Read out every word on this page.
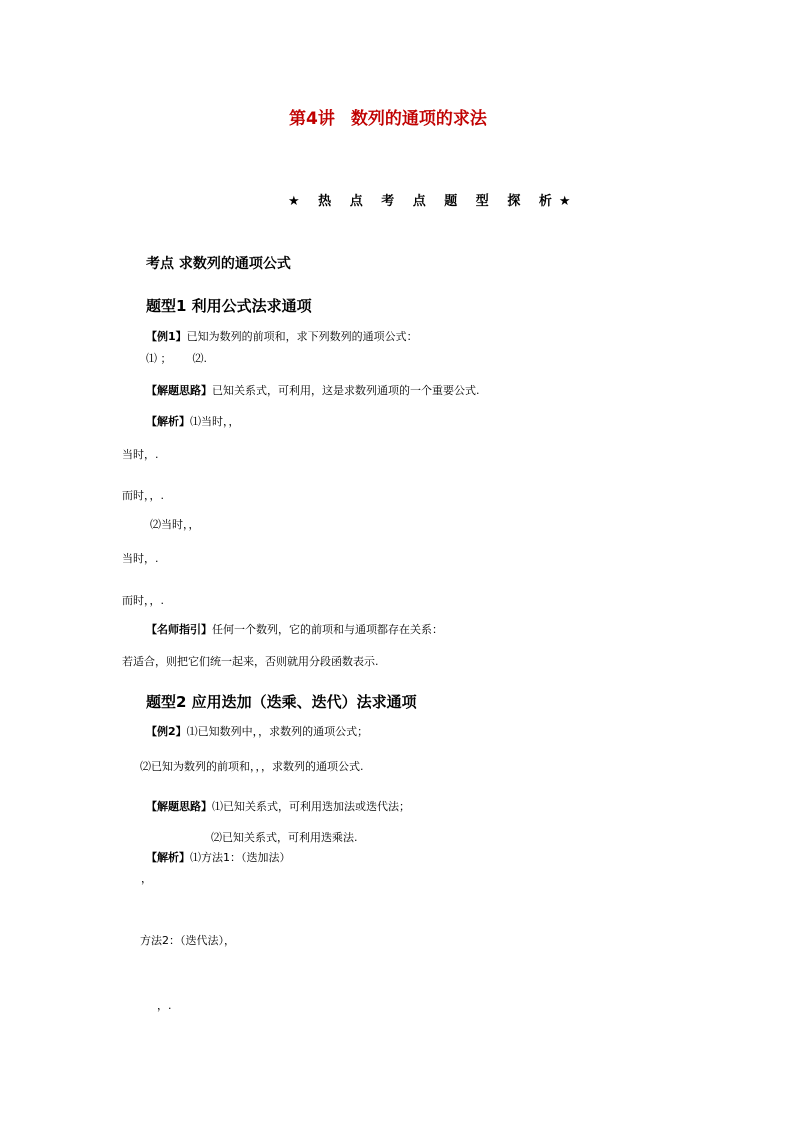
第4讲 数列的通项的求法
★ 热 点 考 点 题 型 探 析★
考点 求数列的通项公式
题型1 利用公式法求通项
【例1】已知为数列的前项和，求下列数列的通项公式：
⑴ ； ⑵.
【解题思路】已知关系式，可利用，这是求数列通项的一个重要公式.
【解析】⑴当时，，
当时，.
而时，，.
⑵当时，，
当时，.
而时，，.
【名师指引】任何一个数列，它的前项和与通项都存在关系：
若适合，则把它们统一起来，否则就用分段函数表示.
题型2 应用迭加（迭乘、迭代）法求通项
【例2】⑴已知数列中，，求数列的通项公式；
⑵已知为数列的前项和，，，求数列的通项公式.
【解题思路】⑴已知关系式，可利用迭加法或迭代法；
⑵已知关系式，可利用迭乘法.
【解析】⑴方法1：（迭加法）
，
方法2：（迭代法），
，.
